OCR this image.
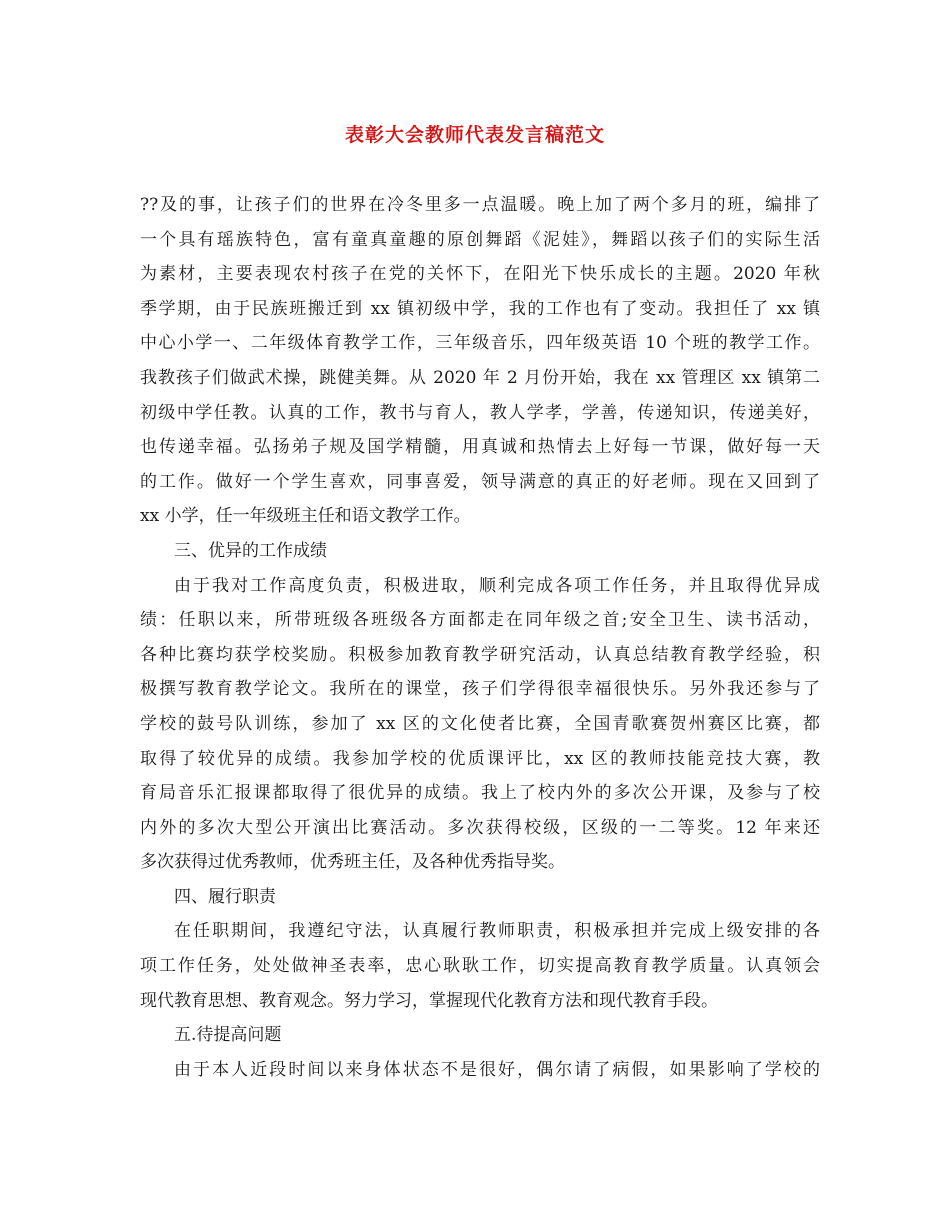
表彰大会教师代表发言稿范文
??及的事，让孩子们的世界在冷冬里多一点温暖。晚上加了两个多月的班，编排了
一个具有瑶族特色，富有童真童趣的原创舞蹈《泥娃》，舞蹈以孩子们的实际生活
为素材，主要表现农村孩子在党的关怀下，在阳光下快乐成长的主题。2020 年秋
季学期，由于民族班搬迁到 xx 镇初级中学，我的工作也有了变动。我担任了 xx 镇
中心小学一、二年级体育教学工作，三年级音乐，四年级英语 10 个班的教学工作。
我教孩子们做武术操，跳健美舞。从 2020 年 2 月份开始，我在 xx 管理区 xx 镇第二
初级中学任教。认真的工作，教书与育人，教人学孝，学善，传递知识，传递美好，
也传递幸福。弘扬弟子规及国学精髓，用真诚和热情去上好每一节课，做好每一天
的工作。做好一个学生喜欢，同事喜爱，领导满意的真正的好老师。现在又回到了
xx 小学，任一年级班主任和语文教学工作。
三、优异的工作成绩
由于我对工作高度负责，积极进取，顺利完成各项工作任务，并且取得优异成
绩：任职以来，所带班级各班级各方面都走在同年级之首;安全卫生、读书活动，
各种比赛均获学校奖励。积极参加教育教学研究活动，认真总结教育教学经验，积
极撰写教育教学论文。我所在的课堂，孩子们学得很幸福很快乐。另外我还参与了
学校的鼓号队训练，参加了 xx 区的文化使者比赛，全国青歌赛贺州赛区比赛，都
取得了较优异的成绩。我参加学校的优质课评比，xx 区的教师技能竞技大赛，教
育局音乐汇报课都取得了很优异的成绩。我上了校内外的多次公开课，及参与了校
内外的多次大型公开演出比赛活动。多次获得校级，区级的一二等奖。12 年来还
多次获得过优秀教师，优秀班主任，及各种优秀指导奖。
四、履行职责
在任职期间，我遵纪守法，认真履行教师职责，积极承担并完成上级安排的各
项工作任务，处处做神圣表率，忠心耿耿工作，切实提高教育教学质量。认真领会
现代教育思想、教育观念。努力学习，掌握现代化教育方法和现代教育手段。
五.待提高问题
由于本人近段时间以来身体状态不是很好，偶尔请了病假，如果影响了学校的
